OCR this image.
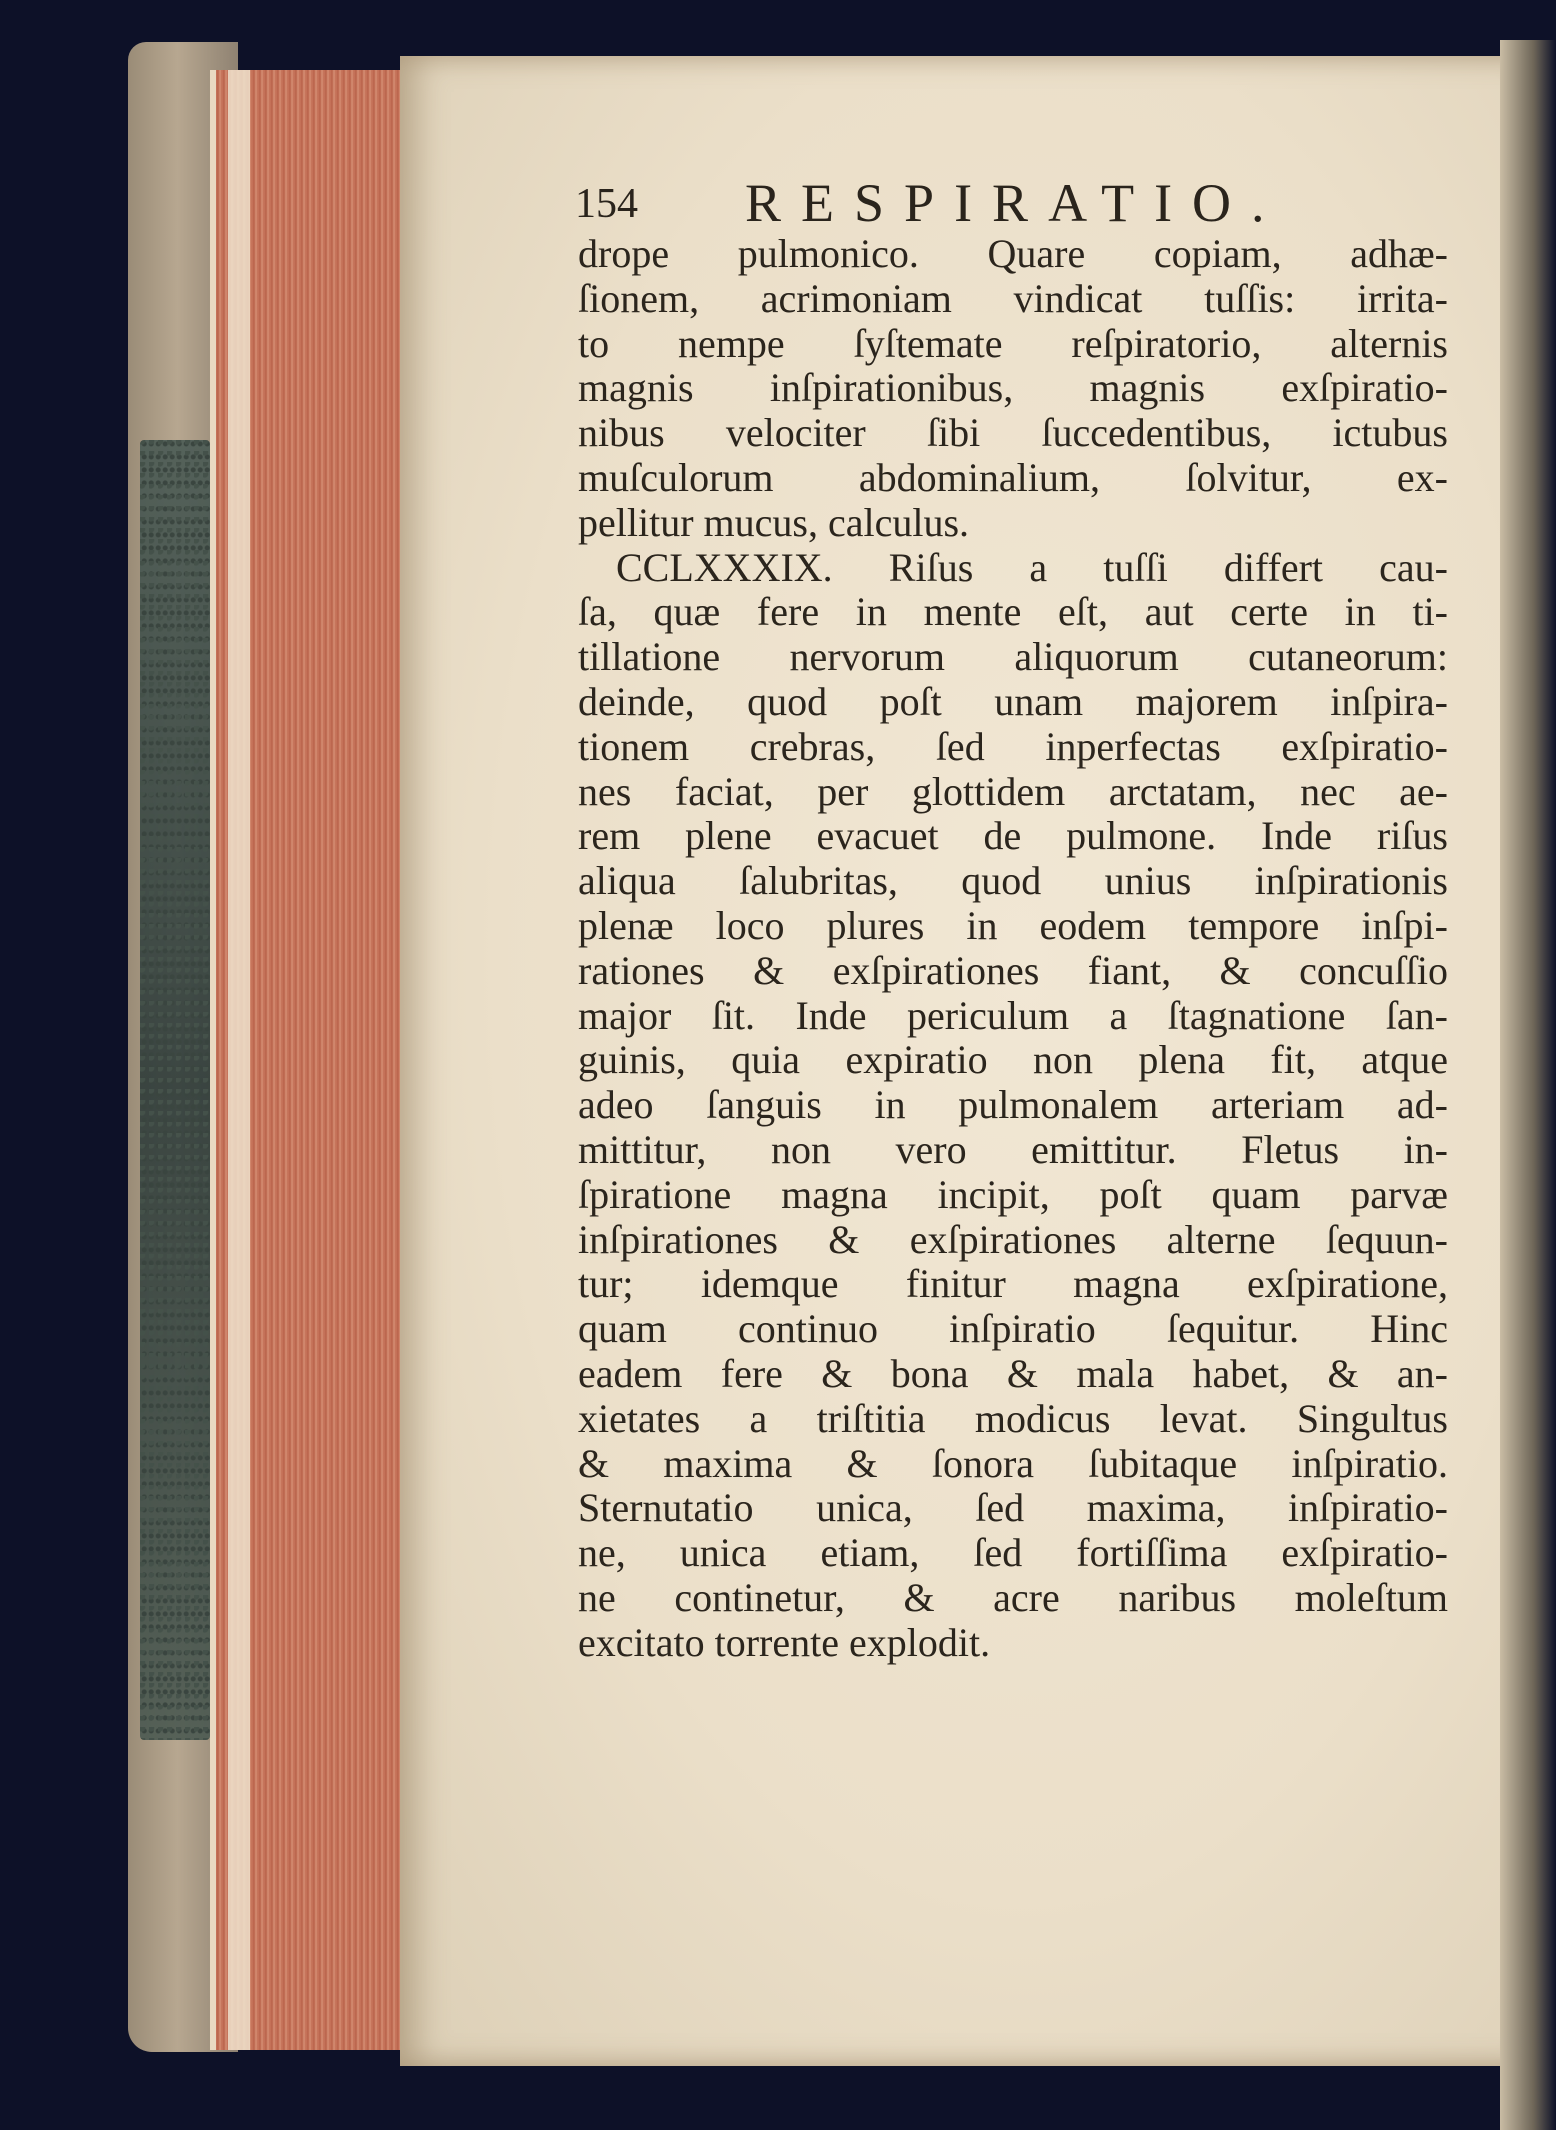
154 RESPIRATIO.
drope pulmonico. Quare copiam, adhæ-
ſionem, acrimoniam vindicat tuſſis: irrita-
to nempe ſyſtemate reſpiratorio, alternis
magnis inſpirationibus, magnis exſpiratio-
nibus velociter ſibi ſuccedentibus, ictubus
muſculorum abdominalium, ſolvitur, ex-
pellitur mucus, calculus.
CCLXXXIX. Riſus a tuſſi differt cau-
ſa, quæ fere in mente eſt, aut certe in ti-
tillatione nervorum aliquorum cutaneorum:
deinde, quod poſt unam majorem inſpira-
tionem crebras, ſed inperfectas exſpiratio-
nes faciat, per glottidem arctatam, nec ae-
rem plene evacuet de pulmone. Inde riſus
aliqua ſalubritas, quod unius inſpirationis
plenæ loco plures in eodem tempore inſpi-
rationes & exſpirationes fiant, & concuſſio
major ſit. Inde periculum a ſtagnatione ſan-
guinis, quia expiratio non plena fit, atque
adeo ſanguis in pulmonalem arteriam ad-
mittitur, non vero emittitur. Fletus in-
ſpiratione magna incipit, poſt quam parvæ
inſpirationes & exſpirationes alterne ſequun-
tur; idemque finitur magna exſpiratione,
quam continuo inſpiratio ſequitur. Hinc
eadem fere & bona & mala habet, & an-
xietates a triſtitia modicus levat. Singultus
& maxima & ſonora ſubitaque inſpiratio.
Sternutatio unica, ſed maxima, inſpiratio-
ne, unica etiam, ſed fortiſſima exſpiratio-
ne continetur, & acre naribus moleſtum
excitato torrente explodit.
